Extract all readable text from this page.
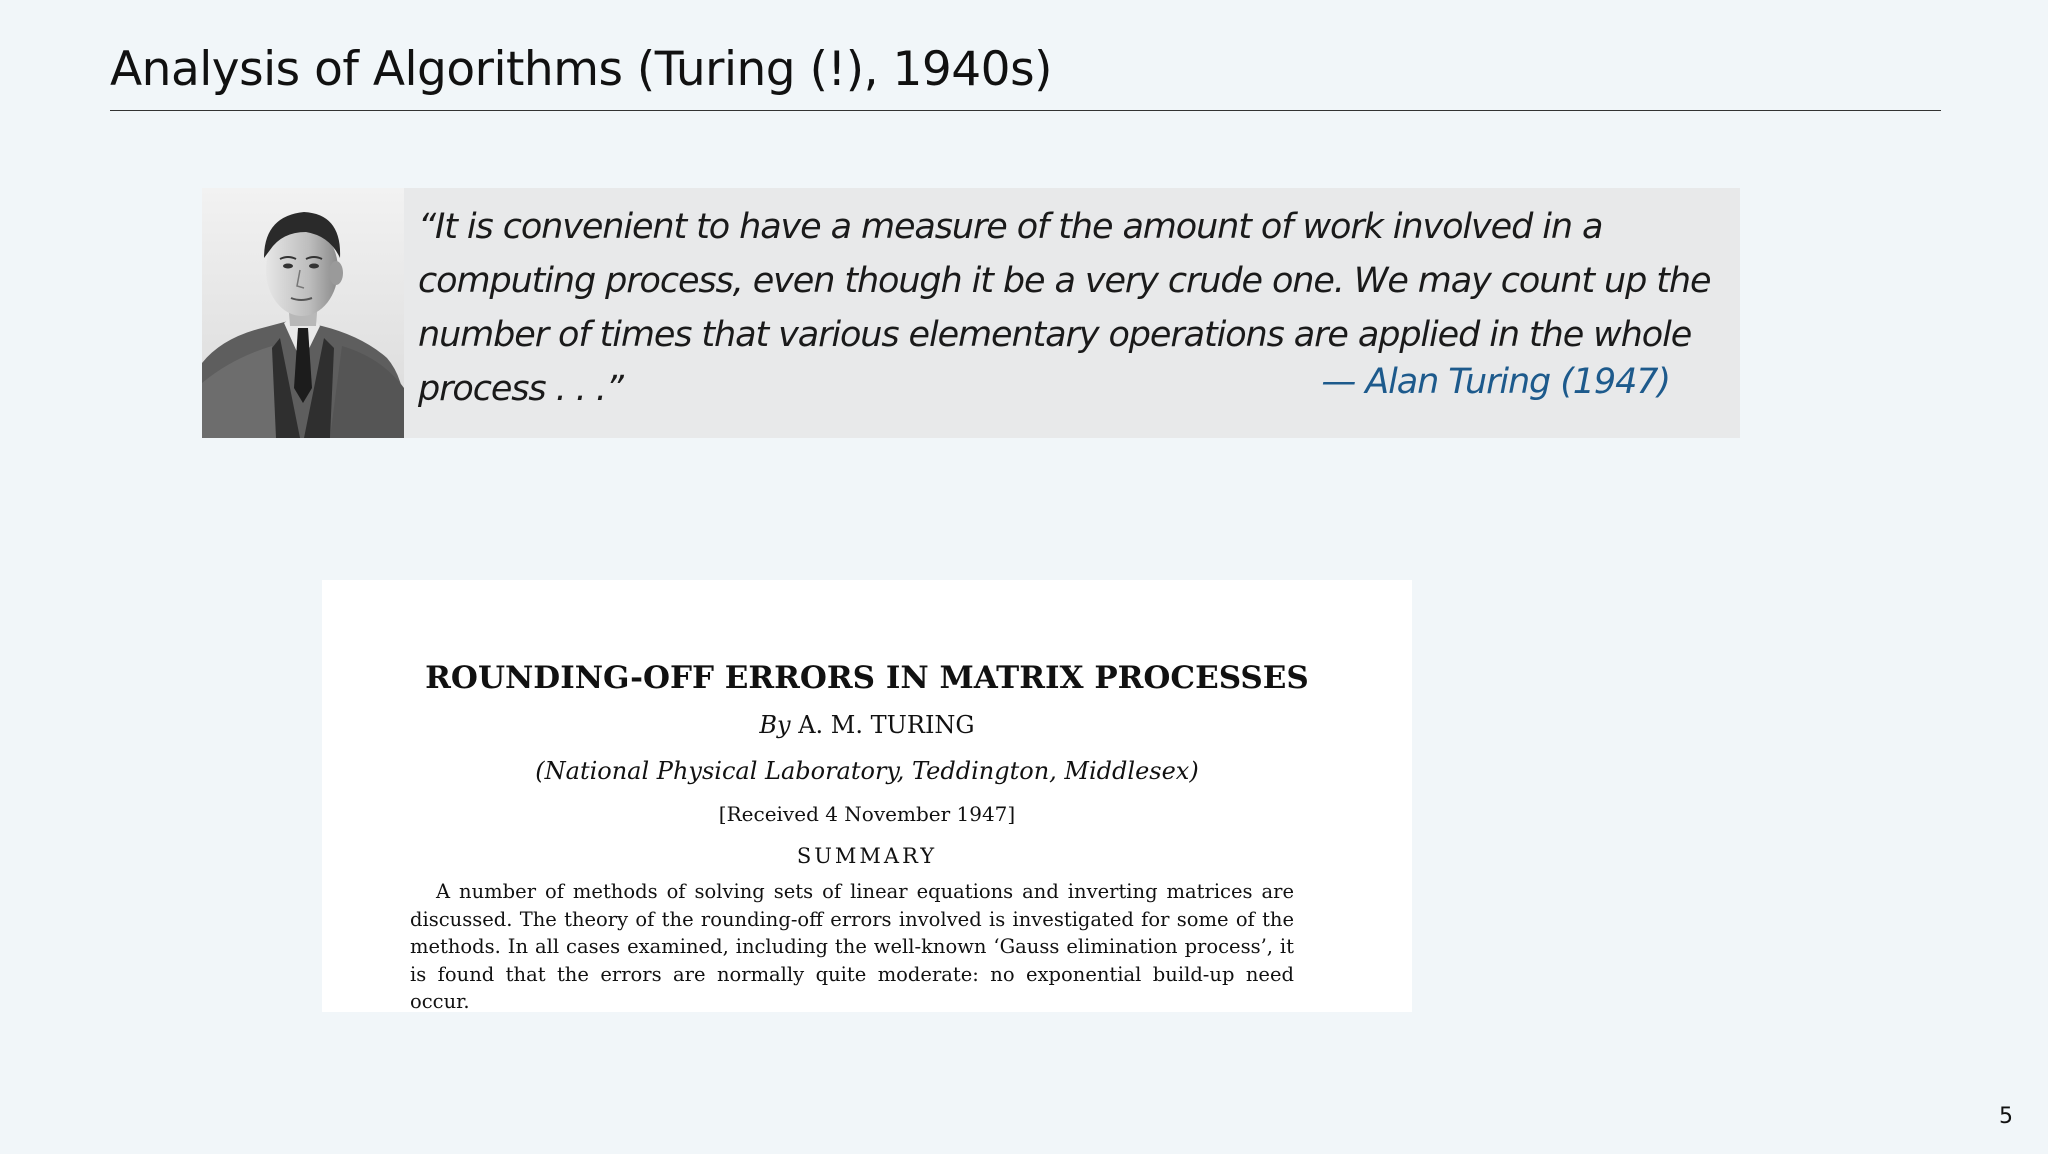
Analysis of Algorithms (Turing (!), 1940s)
“It is convenient to have a measure of the amount of work involved in a computing process, even though it be a very crude one. We may count up the number of times that various elementary operations are applied in the whole process . . .”	— Alan Turing (1947)
ROUNDING-OFF ERRORS IN MATRIX PROCESSES
By A. M. TURING
(National Physical Laboratory, Teddington, Middlesex)
[Received 4 November 1947]
SUMMARY
A number of methods of solving sets of linear equations and inverting matrices are discussed. The theory of the rounding-off errors involved is investigated for some of the methods. In all cases examined, including the well-known ‘Gauss elimination process’, it is found that the errors are normally quite moderate: no exponential build-up need occur.
5
